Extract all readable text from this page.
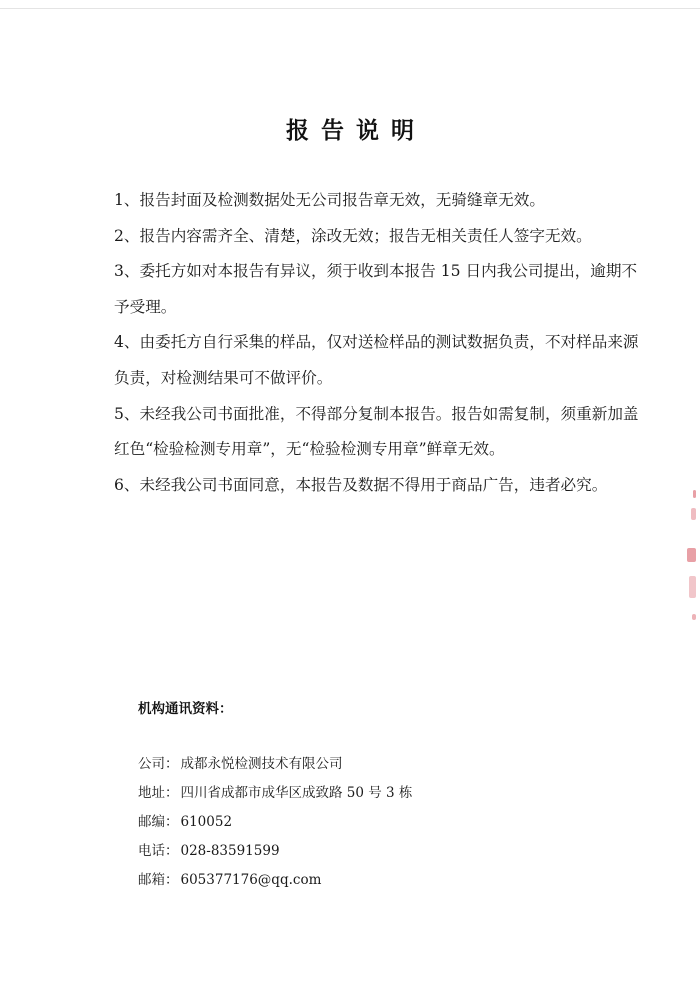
报告说明
1、报告封面及检测数据处无公司报告章无效，无骑缝章无效。
2、报告内容需齐全、清楚，涂改无效；报告无相关责任人签字无效。
3、委托方如对本报告有异议，须于收到本报告 15 日内我公司提出，逾期不予受理。
4、由委托方自行采集的样品，仅对送检样品的测试数据负责，不对样品来源负责，对检测结果可不做评价。
5、未经我公司书面批准，不得部分复制本报告。报告如需复制，须重新加盖红色“检验检测专用章”，无“检验检测专用章”鲜章无效。
6、未经我公司书面同意，本报告及数据不得用于商品广告，违者必究。
机构通讯资料：
公司： 成都永悦检测技术有限公司
地址： 四川省成都市成华区成致路 50 号 3 栋
邮编： 610052
电话： 028-83591599
邮箱： 605377176@qq.com
